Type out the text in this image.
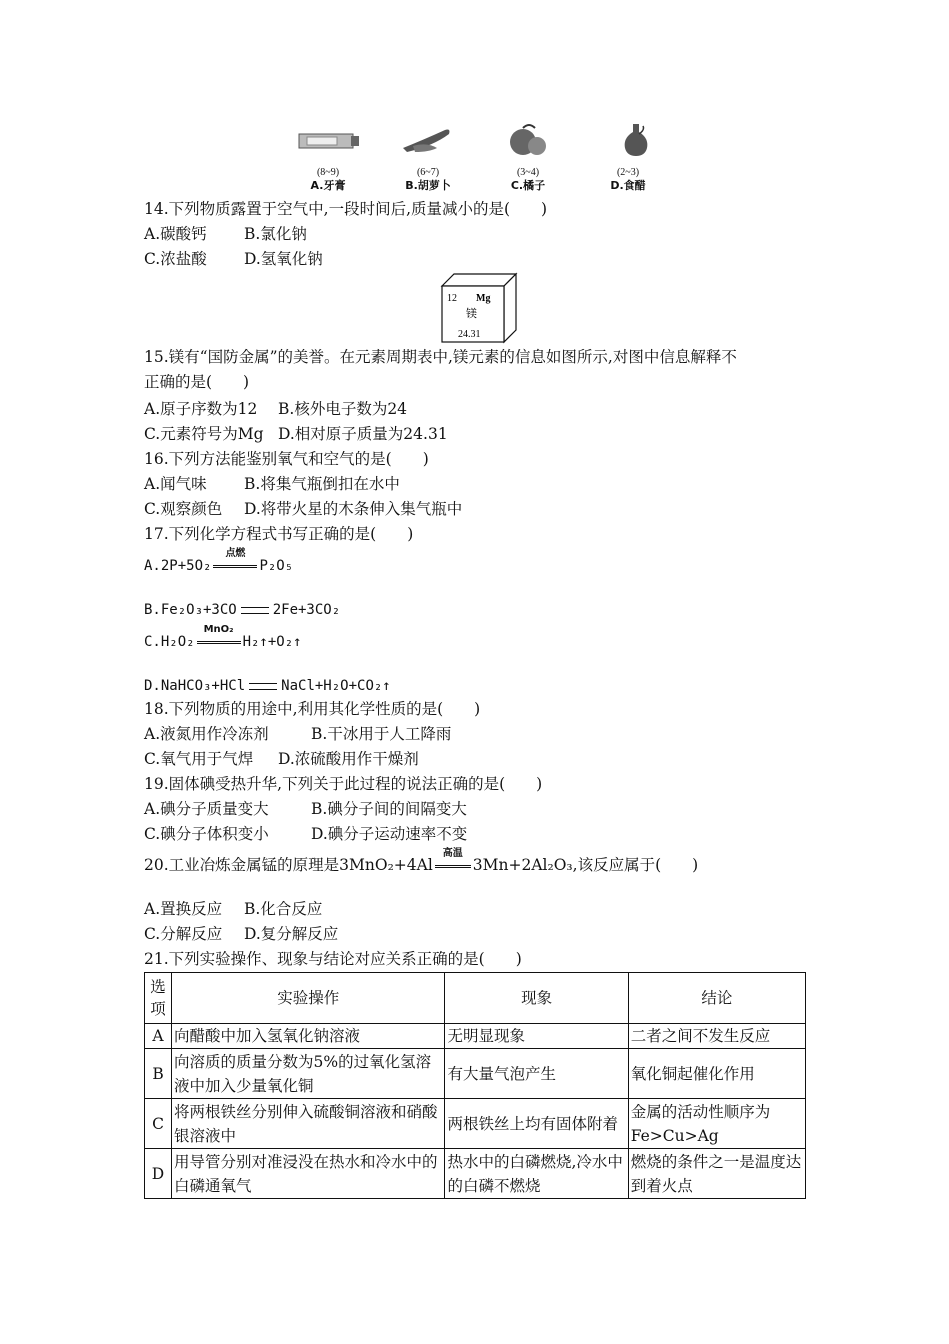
(8~9)
A.牙膏
(6~7)
B.胡萝卜
(3~4)
C.橘子
(2~3)
D.食醋
14.下列物质露置于空气中,一段时间后,质量减小的是(　　)
A.碳酸钙 B.氯化钠
C.浓盐酸 D.氢氧化钠
12 Mg
镁
24.31
15.镁有“国防金属”的美誉。在元素周期表中,镁元素的信息如图所示,对图中信息解释不
正确的是(　　)
A.原子序数为12 B.核外电子数为24
C.元素符号为Mg D.相对原子质量为24.31
16.下列方法能鉴别氧气和空气的是(　　)
A.闻气味 B.将集气瓶倒扣在水中
C.观察颜色 D.将带火星的木条伸入集气瓶中
17.下列化学方程式书写正确的是(　　)
A.2P+5O₂
点燃
P₂O₅
B.Fe₂O₃+3CO	2Fe+3CO₂
C.H₂O₂
MnO₂
H₂↑+O₂↑
D.NaHCO₃+HCl	NaCl+H₂O+CO₂↑
18.下列物质的用途中,利用其化学性质的是(　　)
A.液氮用作冷冻剂	B.干冰用于人工降雨
C.氧气用于气焊 D.浓硫酸用作干燥剂
19.固体碘受热升华,下列关于此过程的说法正确的是(　　)
A.碘分子质量变大	B.碘分子间的间隔变大
C.碘分子体积变小	D.碘分子运动速率不变
20.工业冶炼金属锰的原理是3MnO₂+4Al
高温
3Mn+2Al₂O₃,该反应属于(　　)
A.置换反应 B.化合反应
C.分解反应 D.复分解反应
21.下列实验操作、现象与结论对应关系正确的是(　　)
选项	实验操作	现象	结论
A	向醋酸中加入氢氧化钠溶液	无明显现象	二者之间不发生反应
B	向溶质的质量分数为5%的过氧化氢溶液中加入少量氧化铜	有大量气泡产生	氧化铜起催化作用
C	将两根铁丝分别伸入硫酸铜溶液和硝酸银溶液中	两根铁丝上均有固体附着	金属的活动性顺序为Fe>Cu>Ag
D	用导管分别对准浸没在热水和冷水中的白磷通氧气	热水中的白磷燃烧,冷水中的白磷不燃烧	燃烧的条件之一是温度达到着火点
